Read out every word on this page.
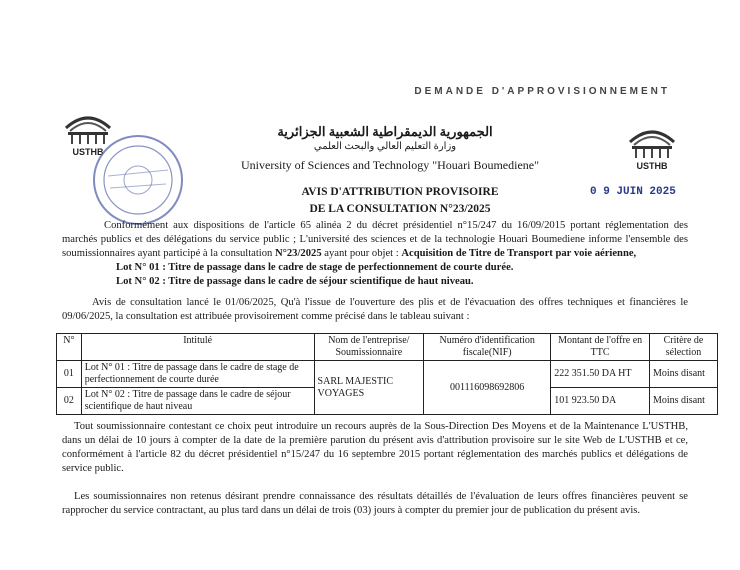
DEMANDE D'APPROVISIONNEMENT
USTHB
USTHB
الجمهورية الديمقراطية الشعبية الجزائرية
وزارة التعليم العالي والبحث العلمي
University of Sciences and Technology "Houari Boumediene"
0 9 JUIN 2025
AVIS D'ATTRIBUTION PROVISOIRE
DE LA CONSULTATION N°23/2025
Conformément aux dispositions de l'article 65 alinéa 2 du décret présidentiel n°15/247 du 16/09/2015 portant réglementation des marchés publics et des délégations du service public ; L'université des sciences et de la technologie Houari Boumediene informe l'ensemble des soumissionnaires ayant participé à la consultation N°23/2025 ayant pour objet : Acquisition de Titre de Transport par voie aérienne,
Lot N° 01 : Titre de passage dans le cadre de stage de perfectionnement de courte durée.
Lot N° 02 : Titre de passage dans le cadre de séjour scientifique de haut niveau.
Avis de consultation lancé le 01/06/2025, Qu'à l'issue de l'ouverture des plis et de l'évacuation des offres techniques et financières le 09/06/2025, la consultation est attribuée provisoirement comme précisé dans le tableau suivant :
N°	Intitulé	Nom de l'entreprise/ Soumissionnaire	Numéro d'identification fiscale(NIF)	Montant de l'offre en TTC	Critère de sélection
01	Lot N° 01 : Titre de passage dans le cadre de stage de perfectionnement de courte durée	SARL MAJESTIC VOYAGES	001116098692806	222 351.50 DA HT	Moins disant
02	Lot N° 02 : Titre de passage dans le cadre de séjour scientifique de haut niveau			101 923.50 DA	Moins disant
Tout soumissionnaire contestant ce choix peut introduire un recours auprès de la Sous-Direction Des Moyens et de la Maintenance L'USTHB, dans un délai de 10 jours à compter de la date de la première parution du présent avis d'attribution provisoire sur le site Web de L'USTHB et ce, conformément à l'article 82 du décret présidentiel n°15/247 du 16 septembre 2015 portant réglementation des marchés publics et délégations de service public.
Les soumissionnaires non retenus désirant prendre connaissance des résultats détaillés de l'évaluation de leurs offres financières peuvent se rapprocher du service contractant, au plus tard dans un délai de trois (03) jours à compter du premier jour de publication du présent avis.
